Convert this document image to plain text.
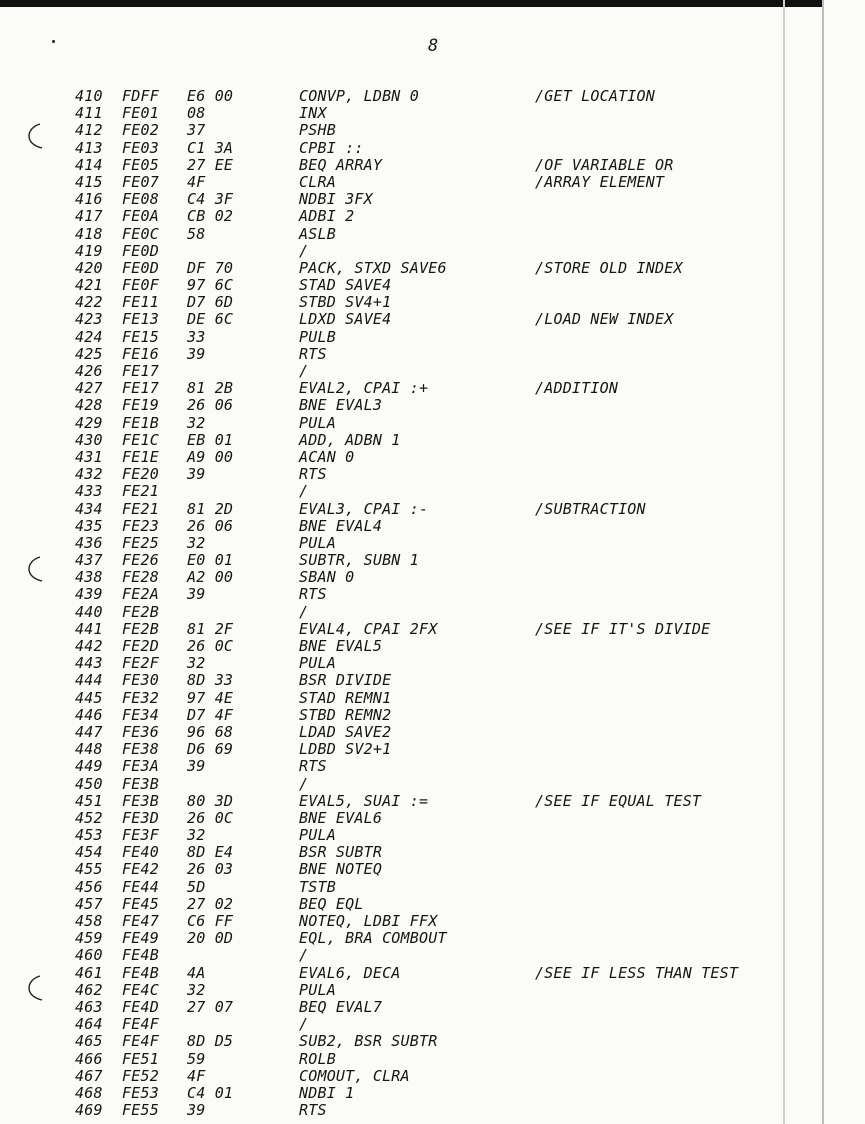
8
410 FDFF E6 00	CONVP, LDBN 0	/GET LOCATION
411 FE01 08	INX
412 FE02 37	PSHB
413 FE03 C1 3A	CPBI ::
414 FE05 27 EE	BEQ ARRAY	/OF VARIABLE OR
415 FE07 4F	CLRA	/ARRAY ELEMENT
416 FE08 C4 3F	NDBI 3FX
417 FE0A CB 02	ADBI 2
418 FE0C 58	ASLB
419 FE0D	/
420 FE0D DF 70	PACK, STXD SAVE6	/STORE OLD INDEX
421 FE0F 97 6C	STAD SAVE4
422 FE11 D7 6D	STBD SV4+1
423 FE13 DE 6C	LDXD SAVE4	/LOAD NEW INDEX
424 FE15 33	PULB
425 FE16 39	RTS
426 FE17	/
427 FE17 81 2B	EVAL2, CPAI :+	/ADDITION
428 FE19 26 06	BNE EVAL3
429 FE1B 32	PULA
430 FE1C EB 01	ADD, ADBN 1
431 FE1E A9 00	ACAN 0
432 FE20 39	RTS
433 FE21	/
434 FE21 81 2D	EVAL3, CPAI :-	/SUBTRACTION
435 FE23 26 06	BNE EVAL4
436 FE25 32	PULA
437 FE26 E0 01	SUBTR, SUBN 1
438 FE28 A2 00	SBAN 0
439 FE2A 39	RTS
440 FE2B	/
441 FE2B 81 2F	EVAL4, CPAI 2FX	/SEE IF IT'S DIVIDE
442 FE2D 26 0C	BNE EVAL5
443 FE2F 32	PULA
444 FE30 8D 33	BSR DIVIDE
445 FE32 97 4E	STAD REMN1
446 FE34 D7 4F	STBD REMN2
447 FE36 96 68	LDAD SAVE2
448 FE38 D6 69	LDBD SV2+1
449 FE3A 39	RTS
450 FE3B	/
451 FE3B 80 3D	EVAL5, SUAI :=	/SEE IF EQUAL TEST
452 FE3D 26 0C	BNE EVAL6
453 FE3F 32	PULA
454 FE40 8D E4	BSR SUBTR
455 FE42 26 03	BNE NOTEQ
456 FE44 5D	TSTB
457 FE45 27 02	BEQ EQL
458 FE47 C6 FF	NOTEQ, LDBI FFX
459 FE49 20 0D	EQL, BRA COMBOUT
460 FE4B	/
461 FE4B 4A	EVAL6, DECA	/SEE IF LESS THAN TEST
462 FE4C 32	PULA
463 FE4D 27 07	BEQ EVAL7
464 FE4F	/
465 FE4F 8D D5	SUB2, BSR SUBTR
466 FE51 59	ROLB
467 FE52 4F	COMOUT, CLRA
468 FE53 C4 01	NDBI 1
469 FE55 39	RTS
